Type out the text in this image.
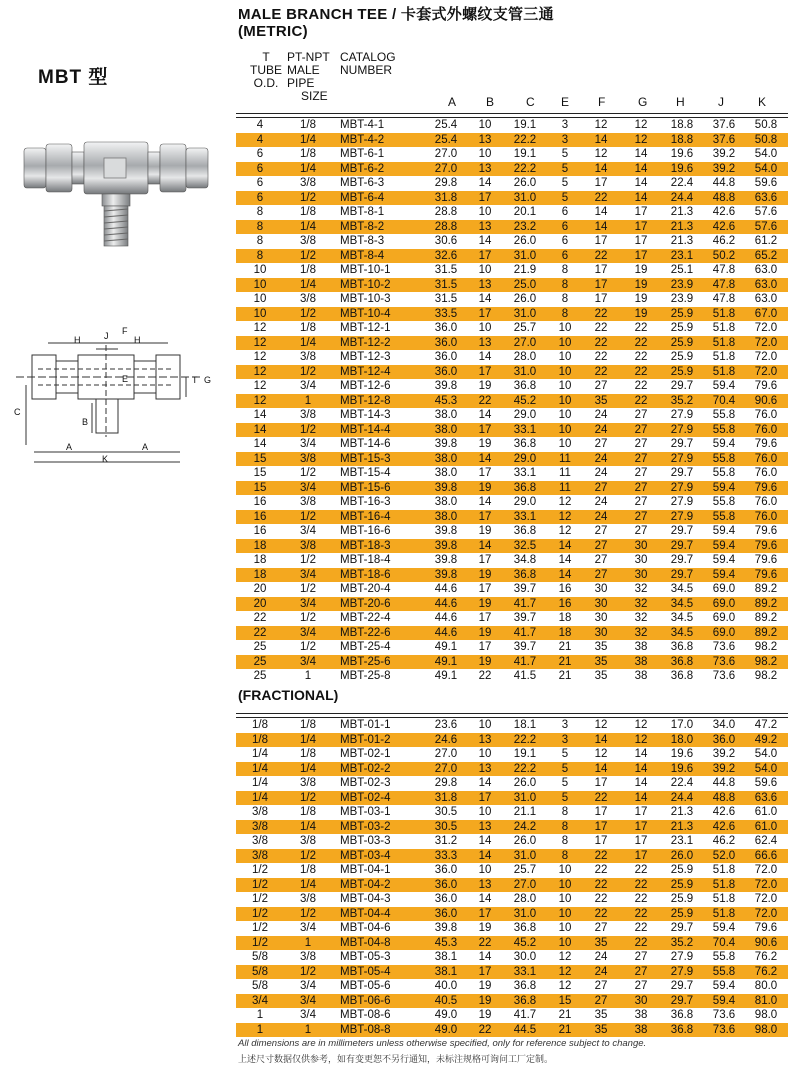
MBT 型
MALE BRANCH TEE / 卡套式外螺纹支管三通
(METRIC)
J F
H	H
E	G
T
C
B
A	A
K
T
TUBE
O.D.
PT-NPT
MALE
PIPE
SIZE
CATALOG
NUMBER
A B	C E F	G H	J	K
4	1/8	MBT-4-1	25.4	10	19.1	3	12	12	18.8	37.6	50.8
4	1/4	MBT-4-2	25.4	13	22.2	3	14	12	18.8	37.6	50.8
6	1/8	MBT-6-1	27.0	10	19.1	5	12	14	19.6	39.2	54.0
6	1/4	MBT-6-2	27.0	13	22.2	5	14	14	19.6	39.2	54.0
6	3/8	MBT-6-3	29.8	14	26.0	5	17	14	22.4	44.8	59.6
6	1/2	MBT-6-4	31.8	17	31.0	5	22	14	24.4	48.8	63.6
8	1/8	MBT-8-1	28.8	10	20.1	6	14	17	21.3	42.6	57.6
8	1/4	MBT-8-2	28.8	13	23.2	6	14	17	21.3	42.6	57.6
8	3/8	MBT-8-3	30.6	14	26.0	6	17	17	21.3	46.2	61.2
8	1/2	MBT-8-4	32.6	17	31.0	6	22	17	23.1	50.2	65.2
10	1/8	MBT-10-1	31.5	10	21.9	8	17	19	25.1	47.8	63.0
10	1/4	MBT-10-2	31.5	13	25.0	8	17	19	23.9	47.8	63.0
10	3/8	MBT-10-3	31.5	14	26.0	8	17	19	23.9	47.8	63.0
10	1/2	MBT-10-4	33.5	17	31.0	8	22	19	25.9	51.8	67.0
12	1/8	MBT-12-1	36.0	10	25.7	10	22	22	25.9	51.8	72.0
12	1/4	MBT-12-2	36.0	13	27.0	10	22	22	25.9	51.8	72.0
12	3/8	MBT-12-3	36.0	14	28.0	10	22	22	25.9	51.8	72.0
12	1/2	MBT-12-4	36.0	17	31.0	10	22	22	25.9	51.8	72.0
12	3/4	MBT-12-6	39.8	19	36.8	10	27	22	29.7	59.4	79.6
12	1	MBT-12-8	45.3	22	45.2	10	35	22	35.2	70.4	90.6
14	3/8	MBT-14-3	38.0	14	29.0	10	24	27	27.9	55.8	76.0
14	1/2	MBT-14-4	38.0	17	33.1	10	24	27	27.9	55.8	76.0
14	3/4	MBT-14-6	39.8	19	36.8	10	27	27	29.7	59.4	79.6
15	3/8	MBT-15-3	38.0	14	29.0	11	24	27	27.9	55.8	76.0
15	1/2	MBT-15-4	38.0	17	33.1	11	24	27	29.7	55.8	76.0
15	3/4	MBT-15-6	39.8	19	36.8	11	27	27	27.9	59.4	79.6
16	3/8	MBT-16-3	38.0	14	29.0	12	24	27	27.9	55.8	76.0
16	1/2	MBT-16-4	38.0	17	33.1	12	24	27	27.9	55.8	76.0
16	3/4	MBT-16-6	39.8	19	36.8	12	27	27	29.7	59.4	79.6
18	3/8	MBT-18-3	39.8	14	32.5	14	27	30	29.7	59.4	79.6
18	1/2	MBT-18-4	39.8	17	34.8	14	27	30	29.7	59.4	79.6
18	3/4	MBT-18-6	39.8	19	36.8	14	27	30	29.7	59.4	79.6
20	1/2	MBT-20-4	44.6	17	39.7	16	30	32	34.5	69.0	89.2
20	3/4	MBT-20-6	44.6	19	41.7	16	30	32	34.5	69.0	89.2
22	1/2	MBT-22-4	44.6	17	39.7	18	30	32	34.5	69.0	89.2
22	3/4	MBT-22-6	44.6	19	41.7	18	30	32	34.5	69.0	89.2
25	1/2	MBT-25-4	49.1	17	39.7	21	35	38	36.8	73.6	98.2
25	3/4	MBT-25-6	49.1	19	41.7	21	35	38	36.8	73.6	98.2
25	1	MBT-25-8	49.1	22	41.5	21	35	38	36.8	73.6	98.2
(FRACTIONAL)
1/8	1/8	MBT-01-1	23.6	10	18.1	3	12	12	17.0	34.0	47.2
1/8	1/4	MBT-01-2	24.6	13	22.2	3	14	12	18.0	36.0	49.2
1/4	1/8	MBT-02-1	27.0	10	19.1	5	12	14	19.6	39.2	54.0
1/4	1/4	MBT-02-2	27.0	13	22.2	5	14	14	19.6	39.2	54.0
1/4	3/8	MBT-02-3	29.8	14	26.0	5	17	14	22.4	44.8	59.6
1/4	1/2	MBT-02-4	31.8	17	31.0	5	22	14	24.4	48.8	63.6
3/8	1/8	MBT-03-1	30.5	10	21.1	8	17	17	21.3	42.6	61.0
3/8	1/4	MBT-03-2	30.5	13	24.2	8	17	17	21.3	42.6	61.0
3/8	3/8	MBT-03-3	31.2	14	26.0	8	17	17	23.1	46.2	62.4
3/8	1/2	MBT-03-4	33.3	14	31.0	8	22	17	26.0	52.0	66.6
1/2	1/8	MBT-04-1	36.0	10	25.7	10	22	22	25.9	51.8	72.0
1/2	1/4	MBT-04-2	36.0	13	27.0	10	22	22	25.9	51.8	72.0
1/2	3/8	MBT-04-3	36.0	14	28.0	10	22	22	25.9	51.8	72.0
1/2	1/2	MBT-04-4	36.0	17	31.0	10	22	22	25.9	51.8	72.0
1/2	3/4	MBT-04-6	39.8	19	36.8	10	27	22	29.7	59.4	79.6
1/2	1	MBT-04-8	45.3	22	45.2	10	35	22	35.2	70.4	90.6
5/8	3/8	MBT-05-3	38.1	14	30.0	12	24	27	27.9	55.8	76.2
5/8	1/2	MBT-05-4	38.1	17	33.1	12	24	27	27.9	55.8	76.2
5/8	3/4	MBT-05-6	40.0	19	36.8	12	27	27	29.7	59.4	80.0
3/4	3/4	MBT-06-6	40.5	19	36.8	15	27	30	29.7	59.4	81.0
1	3/4	MBT-08-6	49.0	19	41.7	21	35	38	36.8	73.6	98.0
1	1	MBT-08-8	49.0	22	44.5	21	35	38	36.8	73.6	98.0
All dimensions are in millimeters unless otherwise specified, only for reference subject to change.
上述尺寸数据仅供参考，如有变更恕不另行通知，未标注规格可询问工厂定制。
